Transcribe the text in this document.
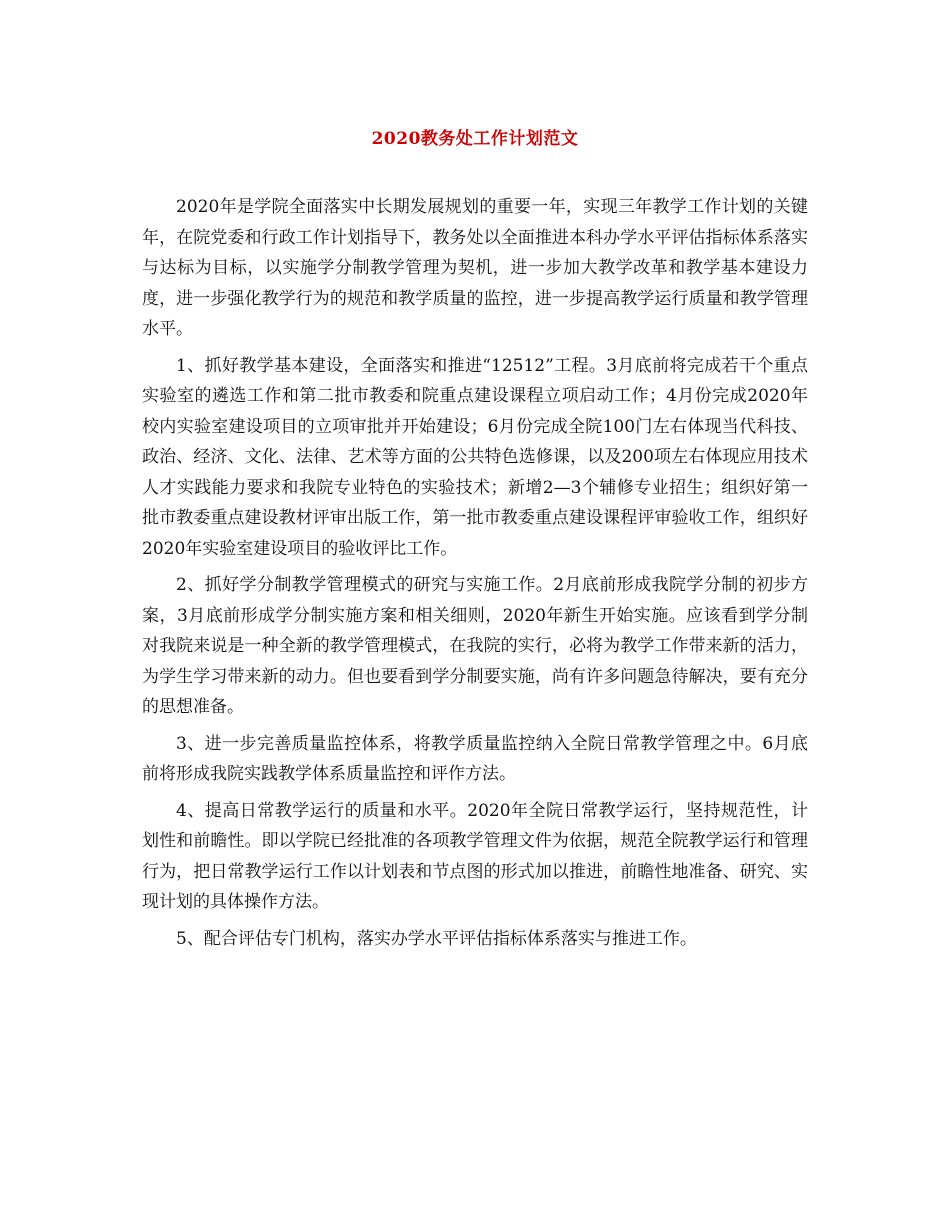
2020教务处工作计划范文

2020年是学院全面落实中长期发展规划的重要一年，实现三年教学工作计划的关键年，在院党委和行政工作计划指导下，教务处以全面推进本科办学水平评估指标体系落实与达标为目标，以实施学分制教学管理为契机，进一步加大教学改革和教学基本建设力度，进一步强化教学行为的规范和教学质量的监控，进一步提高教学运行质量和教学管理水平。

1、抓好教学基本建设，全面落实和推进“12512”工程。3月底前将完成若干个重点实验室的遴选工作和第二批市教委和院重点建设课程立项启动工作；4月份完成2020年校内实验室建设项目的立项审批并开始建设；6月份完成全院100门左右体现当代科技、政治、经济、文化、法律、艺术等方面的公共特色选修课，以及200项左右体现应用技术人才实践能力要求和我院专业特色的实验技术；新增2—3个辅修专业招生；组织好第一批市教委重点建设教材评审出版工作，第一批市教委重点建设课程评审验收工作，组织好2020年实验室建设项目的验收评比工作。

2、抓好学分制教学管理模式的研究与实施工作。2月底前形成我院学分制的初步方案，3月底前形成学分制实施方案和相关细则，2020年新生开始实施。应该看到学分制对我院来说是一种全新的教学管理模式，在我院的实行，必将为教学工作带来新的活力，为学生学习带来新的动力。但也要看到学分制要实施，尚有许多问题急待解决，要有充分的思想准备。

3、进一步完善质量监控体系，将教学质量监控纳入全院日常教学管理之中。6月底前将形成我院实践教学体系质量监控和评作方法。

4、提高日常教学运行的质量和水平。2020年全院日常教学运行，坚持规范性，计划性和前瞻性。即以学院已经批准的各项教学管理文件为依据，规范全院教学运行和管理行为，把日常教学运行工作以计划表和节点图的形式加以推进，前瞻性地准备、研究、实现计划的具体操作方法。

5、配合评估专门机构，落实办学水平评估指标体系落实与推进工作。
